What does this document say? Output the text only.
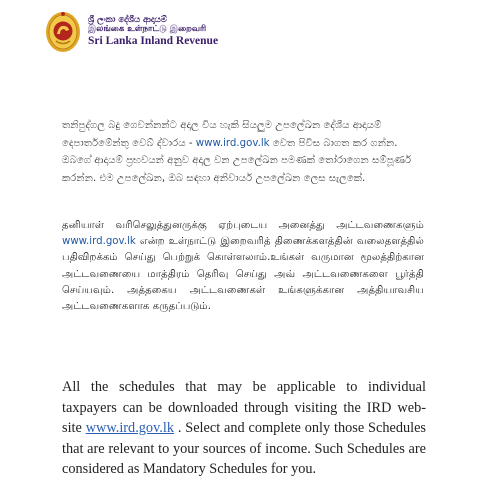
ශ්‍රී ලංකා දේශීය ආදායම්
இலங்கை உள்நாட்டு இறைவரி
Sri Lanka Inland Revenue

තනිපුද්ගල බදු ගෙවන්නන්ට අදාල විය හැකි සියලුම උපලේඛන දේශීය ආදායම් දෙපාර්තමේන්තු වෙබ් ද්වාරය - www.ird.gov.lk වෙත පිවිස බාගත කර ගන්න. ඔබගේ ආදායම් ප්‍රභවයන් අනුව අදාල වන උපලේඛන පමණක් තෝරාගෙන සම්පූර්ණ කරන්න. එම උපලේඛන, ඔබ සඳහා අනිවාර්ය උපලේඛන ලෙස සැලකේ.

தனியாள் வரிசெலுத்துனருக்கு ஏற்புடைய அனைத்து அட்டவணைகளும் www.ird.gov.lk என்ற உள்நாட்டு இறைவரித் திணைக்களத்தின் வலைதளத்தில் பதிவிறக்கம் செய்து பெற்றுக் கொள்ளலாம்.உங்கள் வருமான மூலத்திற்கான அட்டவணையை மாத்திரம் தெரிவு செய்து அவ் அட்டவணைகளை பூர்த்தி செய்யவும். அத்தகைய அட்டவணைகள் உங்களுக்கான அத்தியாவசிய அட்டவணைகளாக கருதப்படும்.

All the schedules that may be applicable to individual taxpayers can be downloaded through visiting the IRD web-site www.ird.gov.lk . Select and complete only those Schedules that are relevant to your sources of income. Such Schedules are considered as Mandatory Schedules for you.
